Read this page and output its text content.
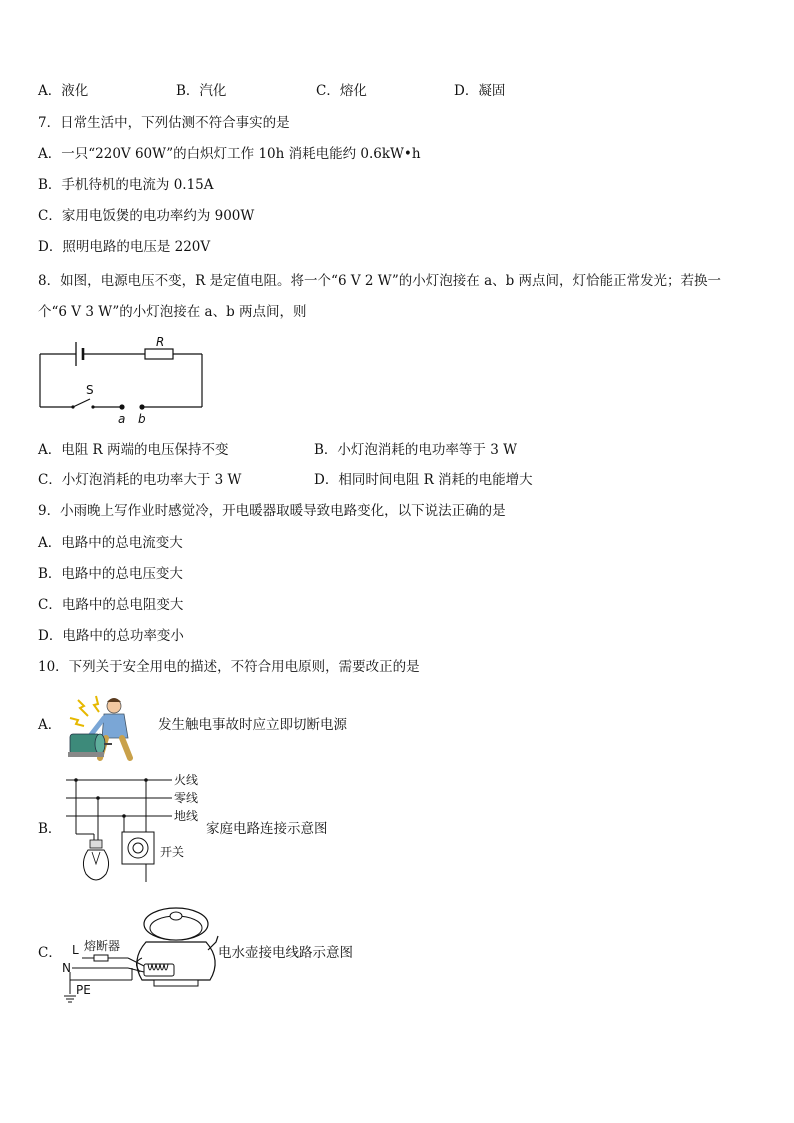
A．液化	B．汽化	C．熔化	D．凝固
7．日常生活中，下列估测不符合事实的是
A．一只“220V 60W”的白炽灯工作 10h 消耗电能约 0.6kW•h
B．手机待机的电流为 0.15A
C．家用电饭煲的电功率约为 900W
D．照明电路的电压是 220V
8．如图，电源电压不变，R 是定值电阻。将一个“6 V 2 W”的小灯泡接在 a、b 两点间，灯恰能正常发光；若换一
个“6 V 3 W”的小灯泡接在 a、b 两点间，则
R
S
a b
A．电阻 R 两端的电压保持不变	B．小灯泡消耗的电功率等于 3 W
C．小灯泡消耗的电功率大于 3 W	D．相同时间电阻 R 消耗的电能增大
9．小雨晚上写作业时感觉冷，开电暖器取暖导致电路变化，以下说法正确的是
A．电路中的总电流变大
B．电路中的总电压变大
C．电路中的总电阻变大
D．电路中的总功率变小
10．下列关于安全用电的描述，不符合用电原则，需要改正的是
A．	发生触电事故时应立即切断电源
B．
火线
零线
地线
开关
家庭电路连接示意图
C． L 熔断器
N
PE
电水壶接电线路示意图
